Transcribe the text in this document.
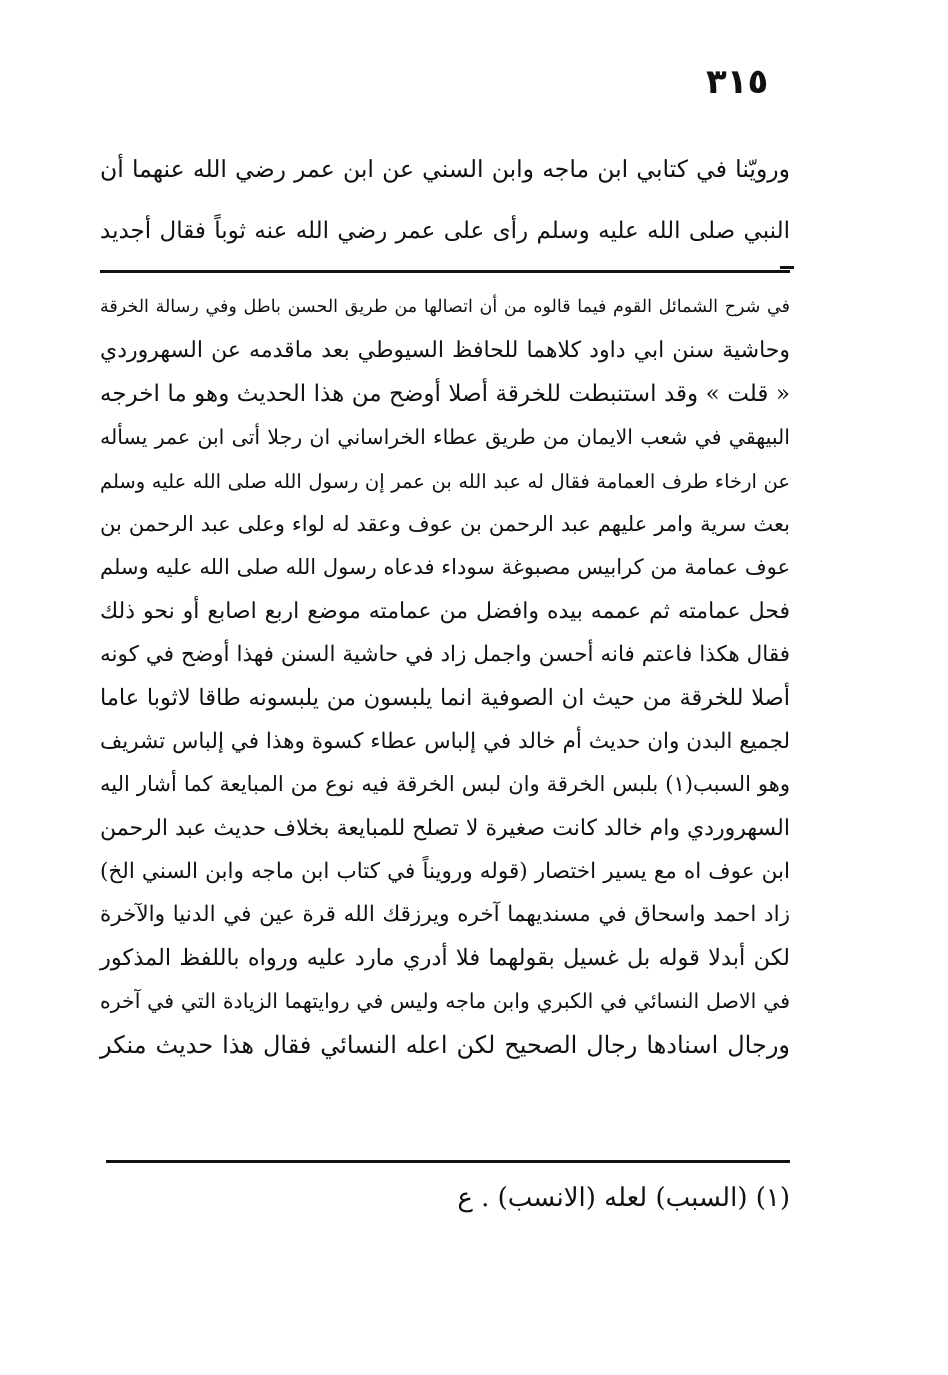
٣١٥
ورويّنا في كتابي ابن ماجه وابن السني عن ابن عمر رضي الله عنهما أن
النبي صلى الله عليه وسلم رأى على عمر رضي الله عنه ثوباً فقال أجديد
في شرح الشمائل القوم فيما قالوه من أن اتصالها من طريق الحسن باطل وفي رسالة الخرقة
وحاشية سنن ابي داود كلاهما للحافظ السيوطي بعد ماقدمه عن السهروردي
« قلت » وقد استنبطت للخرقة أصلا أوضح من هذا الحديث وهو ما اخرجه
البيهقي في شعب الايمان من طريق عطاء الخراساني ان رجلا أتى ابن عمر يسأله
عن ارخاء طرف العمامة فقال له عبد الله بن عمر إن رسول الله صلى الله عليه وسلم
بعث سرية وامر عليهم عبد الرحمن بن عوف وعقد له لواء وعلى عبد الرحمن بن
عوف عمامة من كرابيس مصبوغة سوداء فدعاه رسول الله صلى الله عليه وسلم
فحل عمامته ثم عممه بيده وافضل من عمامته موضع اربع اصابع أو نحو ذلك
فقال هكذا فاعتم فانه أحسن واجمل زاد في حاشية السنن فهذا أوضح في كونه
أصلا للخرقة من حيث ان الصوفية انما يلبسون من يلبسونه طاقا لاثوبا عاما
لجميع البدن وان حديث أم خالد في إلباس عطاء كسوة وهذا في إلباس تشريف
وهو السبب(١) بلبس الخرقة وان لبس الخرقة فيه نوع من المبايعة كما أشار اليه
السهروردي وام خالد كانت صغيرة لا تصلح للمبايعة بخلاف حديث عبد الرحمن
ابن عوف اه مع يسير اختصار (قوله ورويناً في كتاب ابن ماجه وابن السني الخ)
زاد احمد واسحاق في مسنديهما آخره ويرزقك الله قرة عين في الدنيا والآخرة
لكن أبدلا قوله بل غسيل بقولهما فلا أدري مارد عليه ورواه باللفظ المذكور
في الاصل النسائي في الكبري وابن ماجه وليس في روايتهما الزيادة التي في آخره
ورجال اسنادها رجال الصحيح لكن اعله النسائي فقال هذا حديث منكر
(١) (السبب) لعله (الانسب) . ع
